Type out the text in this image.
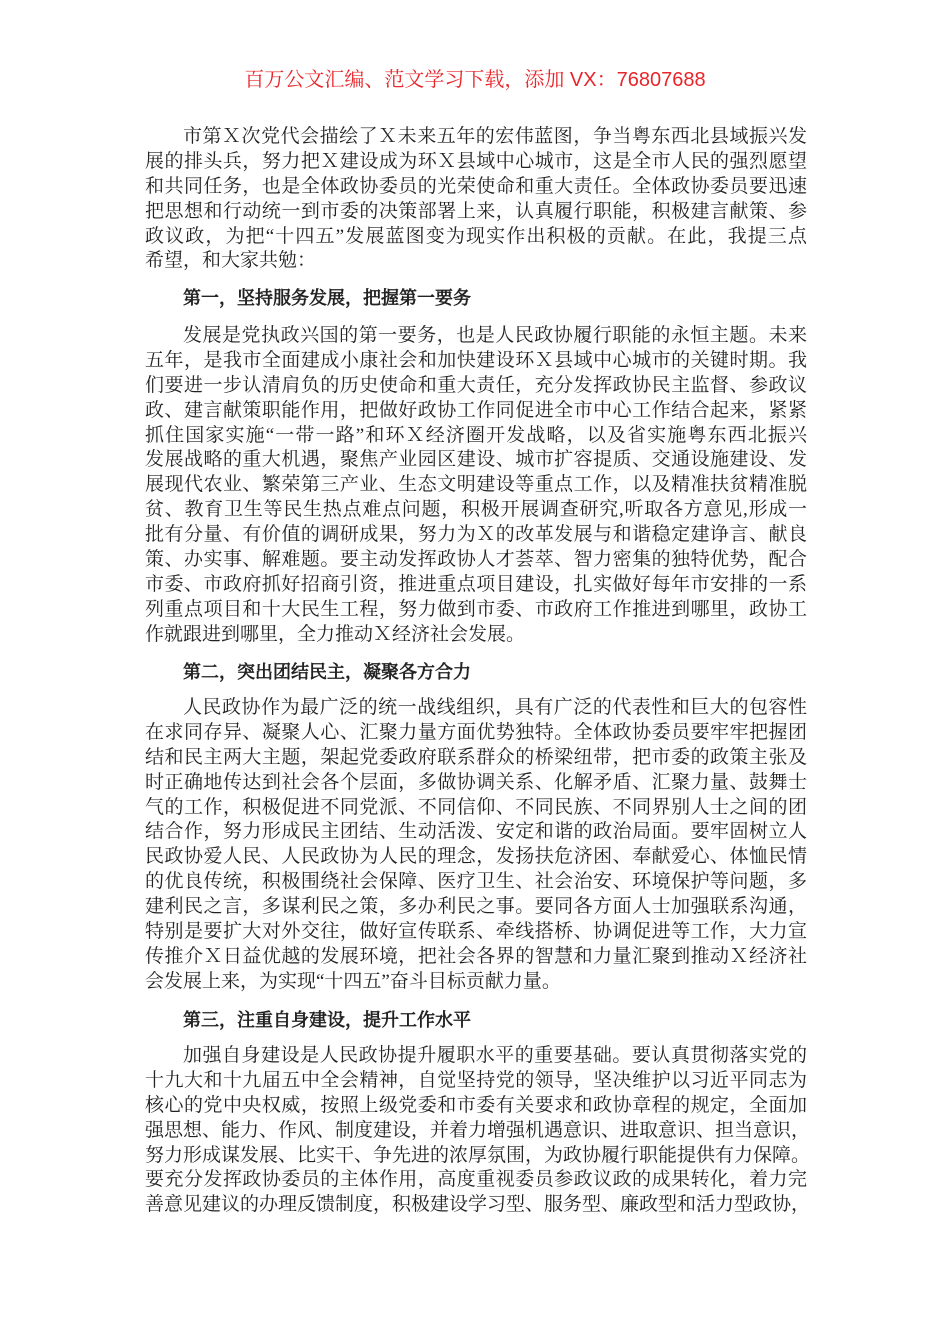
百万公文汇编、范文学习下载，添加 VX：76807688
市第Ｘ次党代会描绘了Ｘ未来五年的宏伟蓝图，争当粤东西北县域振兴发
展的排头兵，努力把Ｘ建设成为环Ｘ县域中心城市，这是全市人民的强烈愿望
和共同任务，也是全体政协委员的光荣使命和重大责任。全体政协委员要迅速
把思想和行动统一到市委的决策部署上来，认真履行职能，积极建言献策、参
政议政，为把“十四五”发展蓝图变为现实作出积极的贡献。在此，我提三点
希望，和大家共勉：
第一，坚持服务发展，把握第一要务
发展是党执政兴国的第一要务，也是人民政协履行职能的永恒主题。未来
五年，是我市全面建成小康社会和加快建设环Ｘ县域中心城市的关键时期。我
们要进一步认清肩负的历史使命和重大责任，充分发挥政协民主监督、参政议
政、建言献策职能作用，把做好政协工作同促进全市中心工作结合起来，紧紧
抓住国家实施“一带一路”和环Ｘ经济圈开发战略，以及省实施粤东西北振兴
发展战略的重大机遇，聚焦产业园区建设、城市扩容提质、交通设施建设、发
展现代农业、繁荣第三产业、生态文明建设等重点工作，以及精准扶贫精准脱
贫、教育卫生等民生热点难点问题，积极开展调查研究,听取各方意见,形成一
批有分量、有价值的调研成果，努力为Ｘ的改革发展与和谐稳定建诤言、献良
策、办实事、解难题。要主动发挥政协人才荟萃、智力密集的独特优势，配合
市委、市政府抓好招商引资，推进重点项目建设，扎实做好每年市安排的一系
列重点项目和十大民生工程，努力做到市委、市政府工作推进到哪里，政协工
作就跟进到哪里，全力推动Ｘ经济社会发展。
第二，突出团结民主，凝聚各方合力
人民政协作为最广泛的统一战线组织，具有广泛的代表性和巨大的包容性
在求同存异、凝聚人心、汇聚力量方面优势独特。全体政协委员要牢牢把握团
结和民主两大主题，架起党委政府联系群众的桥梁纽带，把市委的政策主张及
时正确地传达到社会各个层面，多做协调关系、化解矛盾、汇聚力量、鼓舞士
气的工作，积极促进不同党派、不同信仰、不同民族、不同界别人士之间的团
结合作，努力形成民主团结、生动活泼、安定和谐的政治局面。要牢固树立人
民政协爱人民、人民政协为人民的理念，发扬扶危济困、奉献爱心、体恤民情
的优良传统，积极围绕社会保障、医疗卫生、社会治安、环境保护等问题，多
建利民之言，多谋利民之策，多办利民之事。要同各方面人士加强联系沟通，
特别是要扩大对外交往，做好宣传联系、牵线搭桥、协调促进等工作，大力宣
传推介Ｘ日益优越的发展环境，把社会各界的智慧和力量汇聚到推动Ｘ经济社
会发展上来，为实现“十四五”奋斗目标贡献力量。
第三，注重自身建设，提升工作水平
加强自身建设是人民政协提升履职水平的重要基础。要认真贯彻落实党的
十九大和十九届五中全会精神，自觉坚持党的领导，坚决维护以习近平同志为
核心的党中央权威，按照上级党委和市委有关要求和政协章程的规定，全面加
强思想、能力、作风、制度建设，并着力增强机遇意识、进取意识、担当意识，
努力形成谋发展、比实干、争先进的浓厚氛围，为政协履行职能提供有力保障。
要充分发挥政协委员的主体作用，高度重视委员参政议政的成果转化，着力完
善意见建议的办理反馈制度，积极建设学习型、服务型、廉政型和活力型政协，
